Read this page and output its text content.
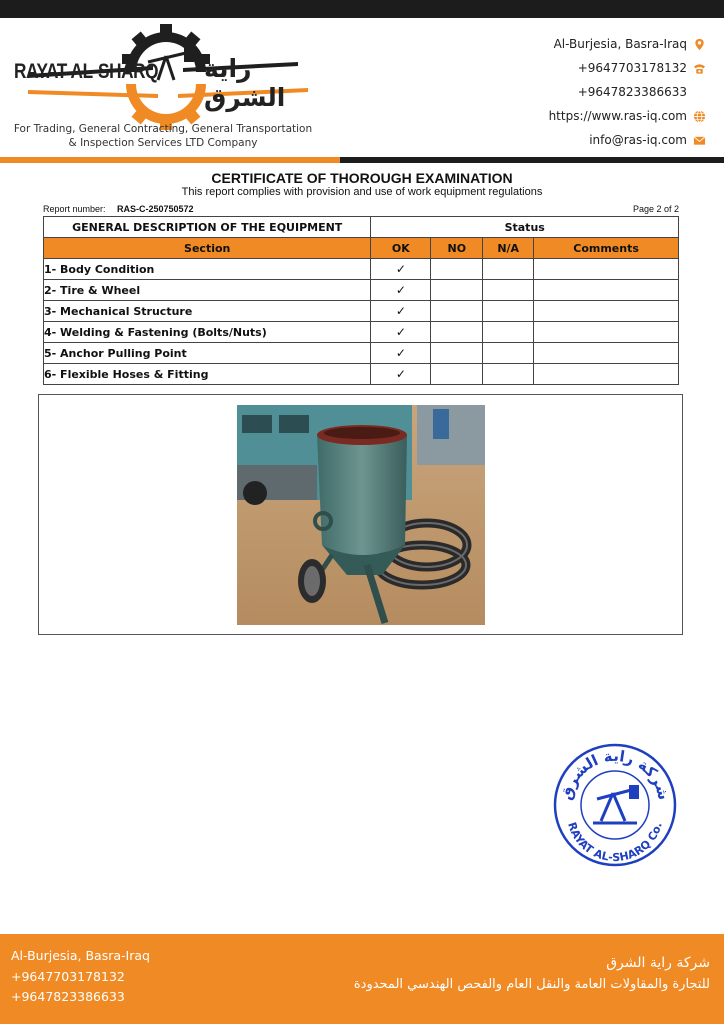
RAYAT AL-SHARQ راية الشرق
For Trading, General Contracting, General Transportation
& Inspection Services LTD Company
Al-Burjesia, Basra-Iraq
+9647703178132
+9647823386633
https://www.ras-iq.com
info@ras-iq.com
CERTIFICATE OF THOROUGH EXAMINATION
This report complies with provision and use of work equipment regulations
Report number: RAS-C-250750572	Page 2 of 2
GENERAL DESCRIPTION OF THE EQUIPMENT	Status			
Section	OK	NO	N/A	Comments
1- Body Condition	✓			
2- Tire & Wheel	✓			
3- Mechanical Structure	✓			
4- Welding & Fastening (Bolts/Nuts)	✓			
5- Anchor Pulling Point	✓			
6- Flexible Hoses & Fitting	✓			
شركة راية الشرق
RAYAT AL-SHARQ Co.
Al-Burjesia, Basra-Iraq
+9647703178132
+9647823386633
شركة راية الشرق
للتجارة والمقاولات العامة والنقل العام والفحص الهندسي المحدودة
